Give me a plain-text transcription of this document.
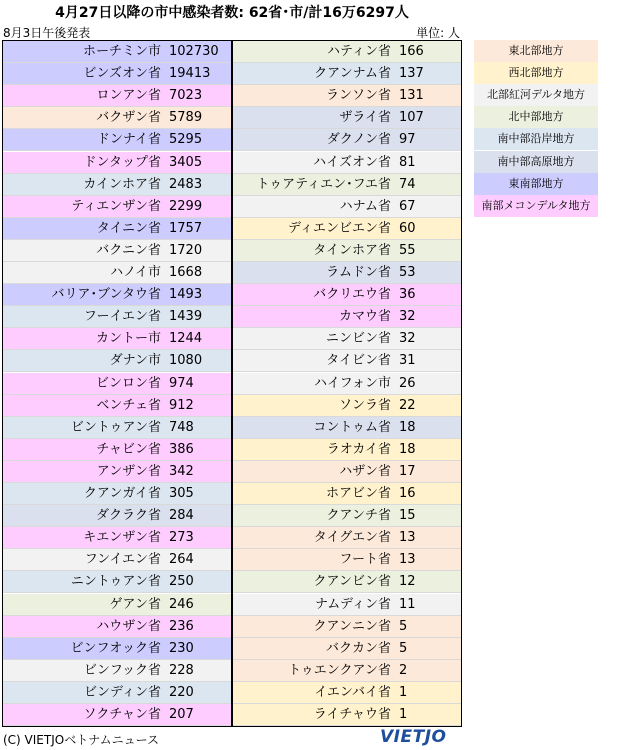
4月27日以降の市中感染者数: 62省･市/計16万6297人
8月3日午後発表	単位: 人
ホーチミン市 102730
ビンズオン省 19413
ロンアン省 7023
バクザン省 5789
ドンナイ省 5295
ドンタップ省 3405
カインホア省 2483
ティエンザン省 2299
タイニン省 1757
バクニン省 1720
ハノイ市 1668
バリア･ブンタウ省 1493
フーイエン省 1439
カントー市 1244
ダナン市 1080
ビンロン省 974
ベンチェ省 912
ビントゥアン省 748
チャビン省 386
アンザン省 342
クアンガイ省 305
ダクラク省 284
キエンザン省 273
フンイエン省 264
ニントゥアン省 250
ゲアン省 246
ハウザン省 236
ビンフオック省 230
ビンフック省 228
ビンディン省 220
ソクチャン省 207
ハティン省 166
クアンナム省 137
ランソン省 131
ザライ省 107
ダクノン省 97
ハイズオン省 81
トゥアティエン･フエ省 74
ハナム省 67
ディエンビエン省 60
タインホア省 55
ラムドン省 53
バクリエウ省 36
カマウ省 32
ニンビン省 32
タイビン省 31
ハイフォン市 26
ソンラ省 22
コントゥム省 18
ラオカイ省 18
ハザン省 17
ホアビン省 16
クアンチ省 15
タイグエン省 13
フート省 13
クアンビン省 12
ナムディン省 11
クアンニン省 5
バクカン省 5
トゥエンクアン省 2
イエンバイ省 1
ライチャウ省 1
東北部地方
西北部地方
北部紅河デルタ地方
北中部地方
南中部沿岸地方
南中部高原地方
東南部地方
南部メコンデルタ地方
(C) VIETJOベトナムニュース	VIETJO
